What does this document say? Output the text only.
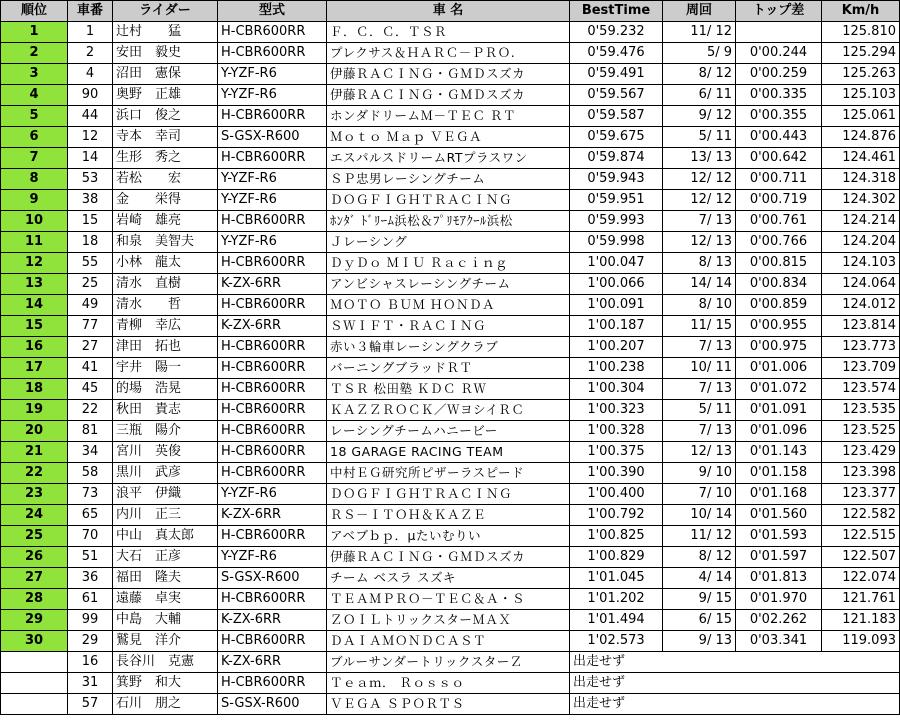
順位	車番	ライダー	型式	車 名	BestTime	周回	トップ差	Km/h
1	1	辻村　　猛	H-CBR600RR	Ｆ．Ｃ．Ｃ．ＴＳＲ	0'59.232	11/ 12		125.810
2	2	安田　毅史	H-CBR600RR	プレクサス＆ＨＡＲＣ－ＰＲＯ.	0'59.476	5/ 9	0'00.244	125.294
3	4	沼田　憲保	Y-YZF-R6	伊藤ＲＡＣＩＮＧ・ＧＭＤスズカ	0'59.491	8/ 12	0'00.259	125.263
4	90	奥野　正雄	Y-YZF-R6	伊藤ＲＡＣＩＮＧ・ＧＭＤスズカ	0'59.567	6/ 11	0'00.335	125.103
5	44	浜口　俊之	H-CBR600RR	ホンダドリームＭ－ＴＥＣ ＲＴ	0'59.587	9/ 12	0'00.355	125.061
6	12	寺本　幸司	S-GSX-R600	Ｍｏｔｏ Ｍａｐ ＶＥＧＡ	0'59.675	5/ 11	0'00.443	124.876
7	14	生形　秀之	H-CBR600RR	エスパルスドリームRTプラスワン	0'59.874	13/ 13	0'00.642	124.461
8	53	若松　　宏	Y-YZF-R6	ＳＰ忠男レーシングチーム	0'59.943	12/ 12	0'00.711	124.318
9	38	金　　栄得	Y-YZF-R6	ＤＯＧＦＩＧＨＴＲＡＣＩＮＧ	0'59.951	12/ 12	0'00.719	124.302
10	15	岩崎　雄亮	H-CBR600RR	ﾎﾝﾀﾞ ﾄﾞﾘｰﾑ浜松＆ﾌﾟﾘﾓｱｸｰﾙ浜松	0'59.993	7/ 13	0'00.761	124.214
11	18	和泉　美智夫	Y-YZF-R6	Ｊレーシング	0'59.998	12/ 13	0'00.766	124.204
12	55	小林　龍太	H-CBR600RR	ＤｙＤｏ ＭＩＵ Ｒａｃｉｎｇ	1'00.047	8/ 13	0'00.815	124.103
13	25	清水　直樹	K-ZX-6RR	アンビシャスレーシングチーム	1'00.066	14/ 14	0'00.834	124.064
14	49	清水　　哲	H-CBR600RR	ＭＯＴＯ ＢＵＭ ＨＯＮＤＡ	1'00.091	8/ 10	0'00.859	124.012
15	77	青柳　幸広	K-ZX-6RR	ＳＷＩＦＴ・ＲＡＣＩＮＧ	1'00.187	11/ 15	0'00.955	123.814
16	27	津田　拓也	H-CBR600RR	赤い３輪車レーシングクラブ	1'00.207	7/ 13	0'00.975	123.773
17	41	宇井　陽一	H-CBR600RR	バーニングブラッドＲＴ	1'00.238	10/ 11	0'01.006	123.709
18	45	的場　浩晃	H-CBR600RR	ＴＳＲ 松田塾 ＫＤＣ ＲＷ	1'00.304	7/ 13	0'01.072	123.574
19	22	秋田　貴志	H-CBR600RR	ＫＡＺＺＲＯＣＫ／ＷヨシイＲＣ	1'00.323	5/ 11	0'01.091	123.535
20	81	三瓶　陽介	H-CBR600RR	レーシングチームハニービー	1'00.328	7/ 13	0'01.096	123.525
21	34	宮川　英俊	H-CBR600RR	18 GARAGE RACING TEAM	1'00.375	12/ 13	0'01.143	123.429
22	58	黒川　武彦	H-CBR600RR	中村ＥＧ研究所ピザーラスピード	1'00.390	9/ 10	0'01.158	123.398
23	73	浪平　伊織	Y-YZF-R6	ＤＯＧＦＩＧＨＴＲＡＣＩＮＧ	1'00.400	7/ 10	0'01.168	123.377
24	65	内川　正三	K-ZX-6RR	ＲＳ－ＩＴＯＨ＆ＫＡＺＥ	1'00.792	10/ 14	0'01.560	122.582
25	70	中山　真太郎	H-CBR600RR	アベブｂｐ．μたいむりい	1'00.825	11/ 12	0'01.593	122.515
26	51	大石　正彦	Y-YZF-R6	伊藤ＲＡＣＩＮＧ・ＧＭＤスズカ	1'00.829	8/ 12	0'01.597	122.507
27	36	福田　隆夫	S-GSX-R600	チーム ベスラ スズキ	1'01.045	4/ 14	0'01.813	122.074
28	61	遠藤　卓実	H-CBR600RR	ＴＥＡＭＰＲＯ－ＴＥＣ＆Ａ・Ｓ	1'01.202	9/ 15	0'01.970	121.761
29	99	中島　大輔	K-ZX-6RR	ＺＯＩＬトリックスターＭＡＸ	1'01.494	6/ 15	0'02.262	121.183
30	29	鷲見　洋介	H-CBR600RR	ＤＡＩＡＭＯＮＤＣＡＳＴ	1'02.573	9/ 13	0'03.341	119.093
	16	長谷川　克憲	K-ZX-6RR	ブルーサンダートリックスターＺ	出走せず			
	31	箕野　和大	H-CBR600RR	Ｔｅａｍ． Ｒｏｓｓｏ	出走せず			
	57	石川　朋之	S-GSX-R600	ＶＥＧＡ ＳＰＯＲＴＳ	出走せず			
